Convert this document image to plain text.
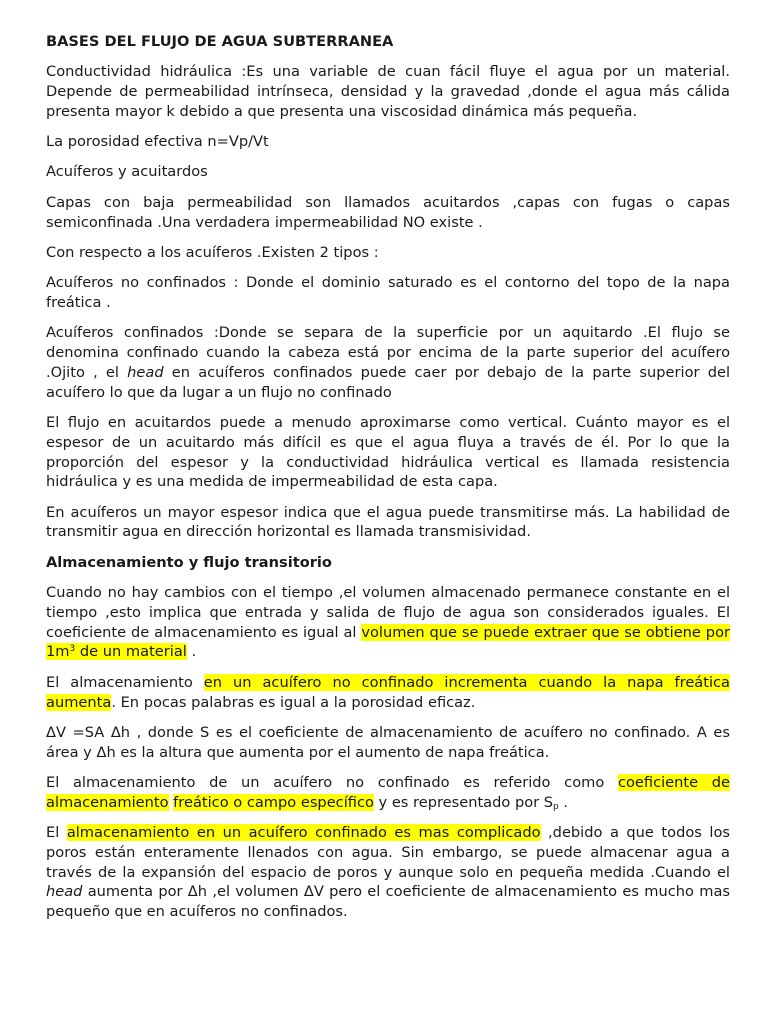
BASES DEL FLUJO DE AGUA SUBTERRANEA

Conductividad hidráulica :Es una variable de cuan fácil fluye el agua por un material. Depende de permeabilidad intrínseca, densidad y la gravedad ,donde el agua más cálida presenta mayor k debido a que presenta una viscosidad dinámica más pequeña.

La porosidad efectiva n=Vp/Vt

Acuíferos y acuitardos

Capas con baja permeabilidad son llamados acuitardos ,capas con fugas o capas semiconfinada .Una verdadera impermeabilidad NO existe .

Con respecto a los acuíferos .Existen 2 tipos :

Acuíferos no confinados : Donde el dominio saturado es el contorno del topo de la napa freática .

Acuíferos confinados :Donde se separa de la superficie por un aquitardo .El flujo se denomina confinado cuando la cabeza está por encima de la parte superior del acuífero .Ojito , el head en acuíferos confinados puede caer por debajo de la parte superior del acuífero lo que da lugar a un flujo no confinado

El flujo en acuitardos puede a menudo aproximarse como vertical. Cuánto mayor es el espesor de un acuitardo más difícil es que el agua fluya a través de él. Por lo que la proporción del espesor y la conductividad hidráulica vertical es llamada resistencia hidráulica y es una medida de impermeabilidad de esta capa.

En acuíferos un mayor espesor indica que el agua puede transmitirse más. La habilidad de transmitir agua en dirección horizontal es llamada transmisividad.

Almacenamiento y flujo transitorio

Cuando no hay cambios con el tiempo ,el volumen almacenado permanece constante en el tiempo ,esto implica que entrada y salida de flujo de agua son considerados iguales. El coeficiente de almacenamiento es igual al volumen que se puede extraer que se obtiene por $1m^3$ de un material .

El almacenamiento en un acuífero no confinado incrementa cuando la napa freática aumenta. En pocas palabras es igual a la porosidad eficaz.

ΔV =SA Δh , donde S es el coeficiente de almacenamiento de acuífero no confinado. A es área y Δh es la altura que aumenta por el aumento de napa freática.

El almacenamiento de un acuífero no confinado es referido como coeficiente de almacenamiento freático o campo específico y es representado por $S_p$ .

El almacenamiento en un acuífero confinado es mas complicado ,debido a que todos los poros están enteramente llenados con agua. Sin embargo, se puede almacenar agua a través de la expansión del espacio de poros y aunque solo en pequeña medida .Cuando el head aumenta por Δh ,el volumen ΔV pero el coeficiente de almacenamiento es mucho mas pequeño que en acuíferos no confinados.
